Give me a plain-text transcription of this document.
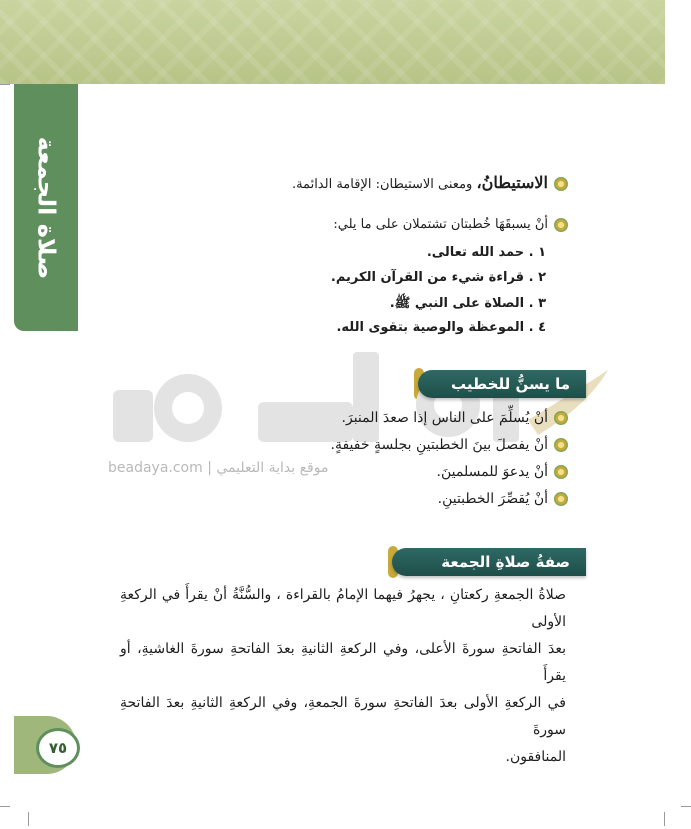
صلاة الجمعة
بداية
beadaya.com | موقع بداية التعليمي
الاستيطانُ، ومعنى الاستيطان: الإقامة الدائمة.
أنْ يسبقَهَا خُطبتان تشتملان على ما يلي:
١ . حمد الله تعالى.
٢ . قراءة شيء من القرآن الكريم.
٣ . الصلاة على النبي ﷺ.
٤ . الموعظة والوصية بتقوى الله.
ما يسنُّ للخطيب
أنْ يُسلِّمَ على الناس إذا صعدَ المنبرَ.
أنْ يفصلَ بينَ الخطبتينِ بجلسةٍ خفيفةٍ.
أنْ يدعوَ للمسلمينَ.
أنْ يُقصِّرَ الخطبتينِ.
صفةُ صلاةِ الجمعة
صلاةُ الجمعةِ ركعتانِ ، يجهرُ فيهما الإمامُ بالقراءة ، والسُّنَّةُ أنْ يقرأَ في الركعةِ الأولى
بعدَ الفاتحةِ سورةَ الأعلى، وفي الركعةِ الثانيةِ بعدَ الفاتحةِ سورةَ الغاشيةِ، أو يقرأَ
في الركعةِ الأولى بعدَ الفاتحةِ سورةَ الجمعةِ، وفي الركعةِ الثانيةِ بعدَ الفاتحةِ سورةَ
المنافقون.
٧٥
